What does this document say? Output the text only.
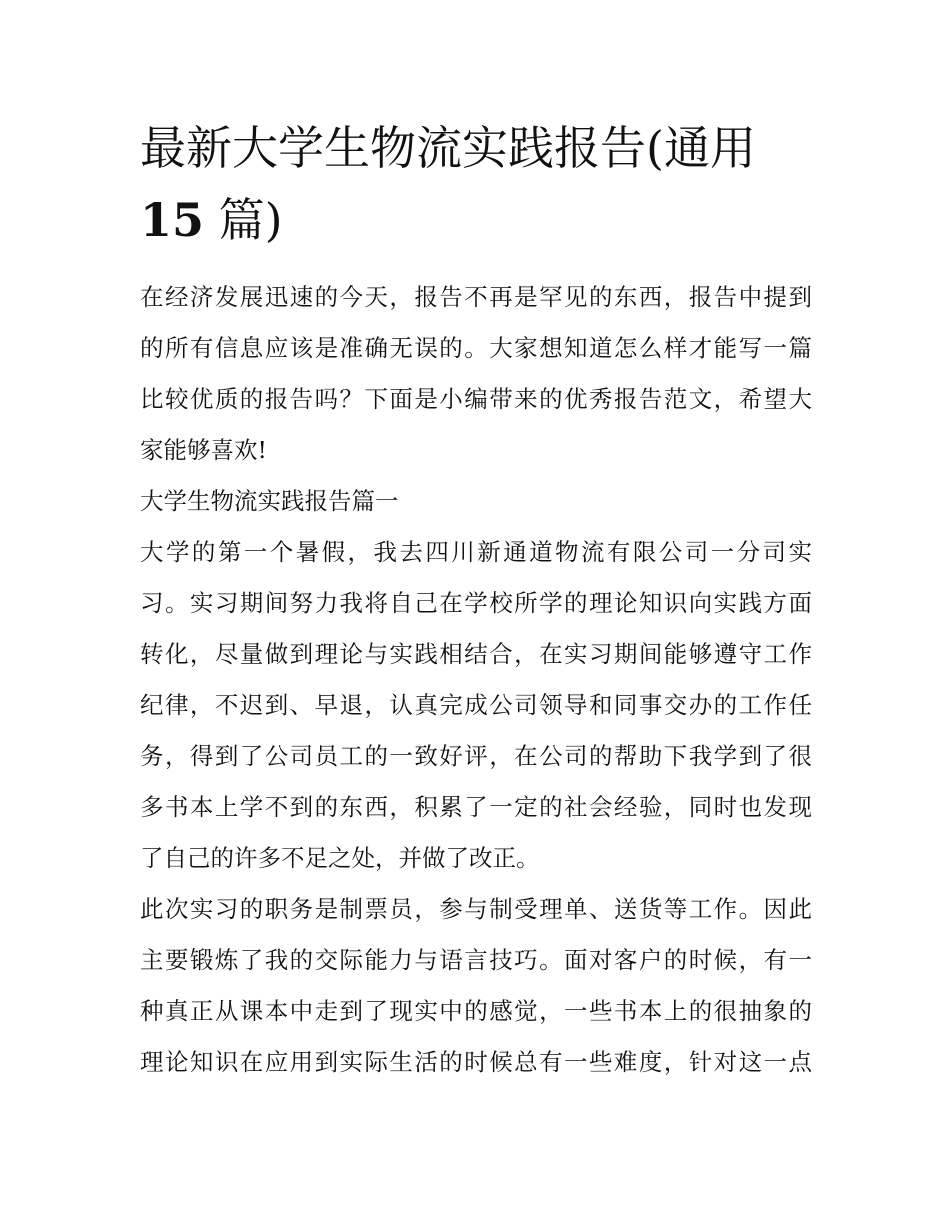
最新大学生物流实践报告(通用
15 篇)

在经济发展迅速的今天，报告不再是罕见的东西，报告中提到
的所有信息应该是准确无误的。大家想知道怎么样才能写一篇
比较优质的报告吗？下面是小编带来的优秀报告范文，希望大
家能够喜欢!

大学生物流实践报告篇一

大学的第一个暑假，我去四川新通道物流有限公司一分司实
习。实习期间努力我将自己在学校所学的理论知识向实践方面
转化，尽量做到理论与实践相结合，在实习期间能够遵守工作
纪律，不迟到、早退，认真完成公司领导和同事交办的工作任
务，得到了公司员工的一致好评，在公司的帮助下我学到了很
多书本上学不到的东西，积累了一定的社会经验，同时也发现
了自己的许多不足之处，并做了改正。

此次实习的职务是制票员，参与制受理单、送货等工作。因此
主要锻炼了我的交际能力与语言技巧。面对客户的时候，有一
种真正从课本中走到了现实中的感觉，一些书本上的很抽象的
理论知识在应用到实际生活的时候总有一些难度，针对这一点
